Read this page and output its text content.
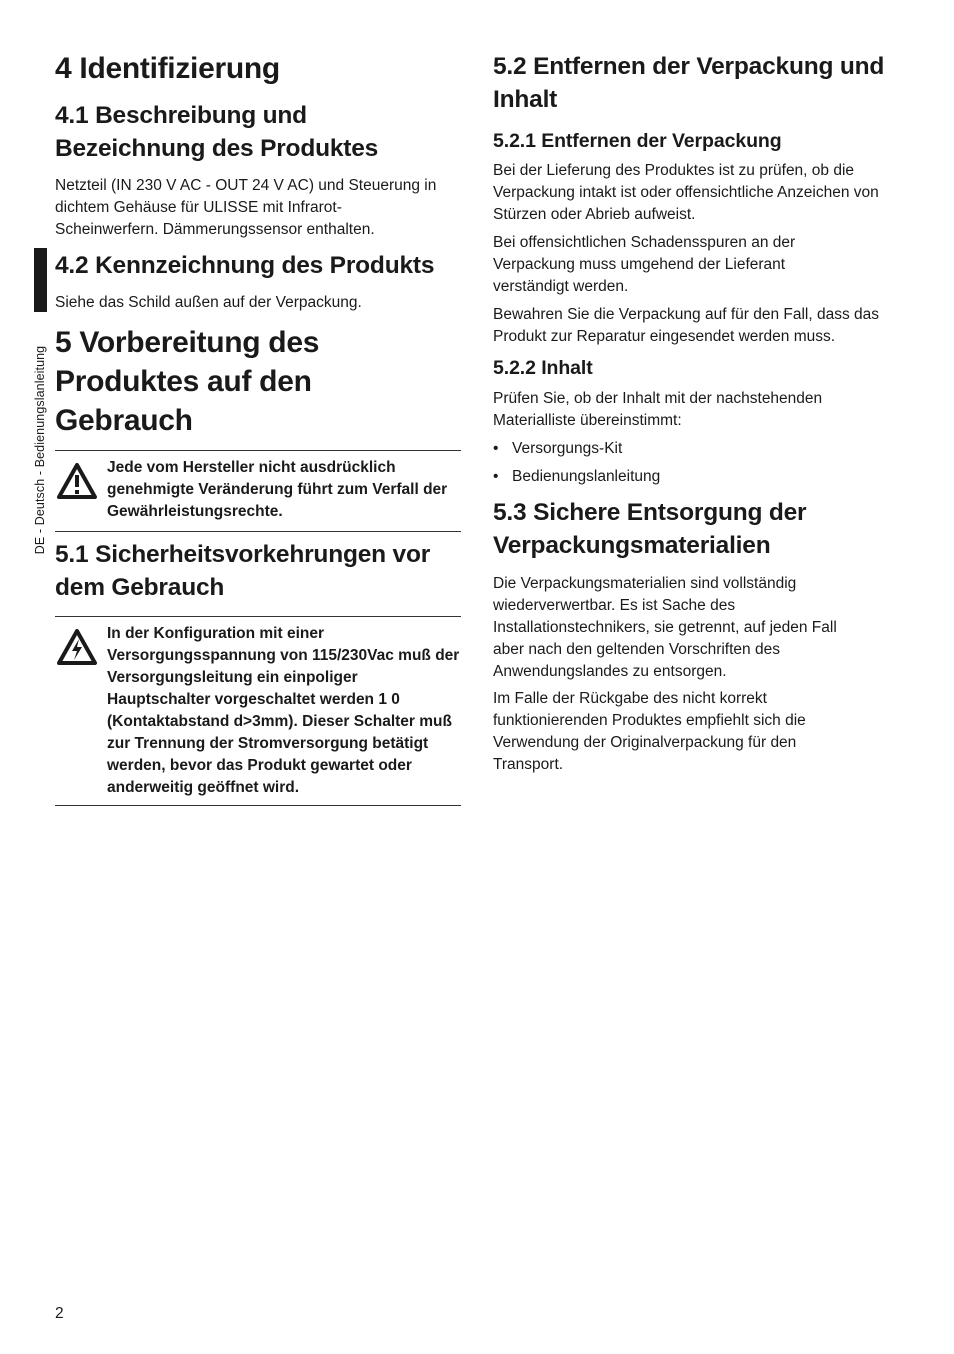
DE - Deutsch - Bedienungslanleitung
4 Identifizierung
4.1 Beschreibung und Bezeichnung des Produktes

Netzteil (IN 230 V AC - OUT 24 V AC) und Steuerung in dichtem Gehäuse für ULISSE mit Infrarot-Scheinwerfern. Dämmerungssensor enthalten.

4.2 Kennzeichnung des Produkts

Siehe das Schild außen auf der Verpackung.

5 Vorbereitung des Produktes auf den Gebrauch
Jede vom Hersteller nicht ausdrücklich genehmigte Veränderung führt zum Verfall der Gewährleistungsrechte.
5.1 Sicherheitsvorkehrungen vor dem Gebrauch
In der Konfiguration mit einer Versorgungsspannung von 115/230Vac muß der Versorgungsleitung ein einpoliger Hauptschalter vorgeschaltet werden 1 0 (Kontaktabstand d>3mm). Dieser Schalter muß zur Trennung der Stromversorgung betätigt werden, bevor das Produkt gewartet oder anderweitig geöffnet wird.
5.2 Entfernen der Verpackung und Inhalt
5.2.1 Entfernen der Verpackung

Bei der Lieferung des Produktes ist zu prüfen, ob die Verpackung intakt ist oder offensichtliche Anzeichen von Stürzen oder Abrieb aufweist.

Bei offensichtlichen Schadensspuren an der Verpackung muss umgehend der Lieferant verständigt werden.

Bewahren Sie die Verpackung auf für den Fall, dass das Produkt zur Reparatur eingesendet werden muss.

5.2.2 Inhalt

Prüfen Sie, ob der Inhalt mit der nachstehenden Materialliste übereinstimmt:

• Versorgungs-Kit
• Bedienungslanleitung
5.3 Sichere Entsorgung der Verpackungsmaterialien

Die Verpackungsmaterialien sind vollständig wiederverwertbar. Es ist Sache des Installationstechnikers, sie getrennt, auf jeden Fall aber nach den geltenden Vorschriften des Anwendungslandes zu entsorgen.

Im Falle der Rückgabe des nicht korrekt funktionierenden Produktes empfiehlt sich die Verwendung der Originalverpackung für den Transport.

2
